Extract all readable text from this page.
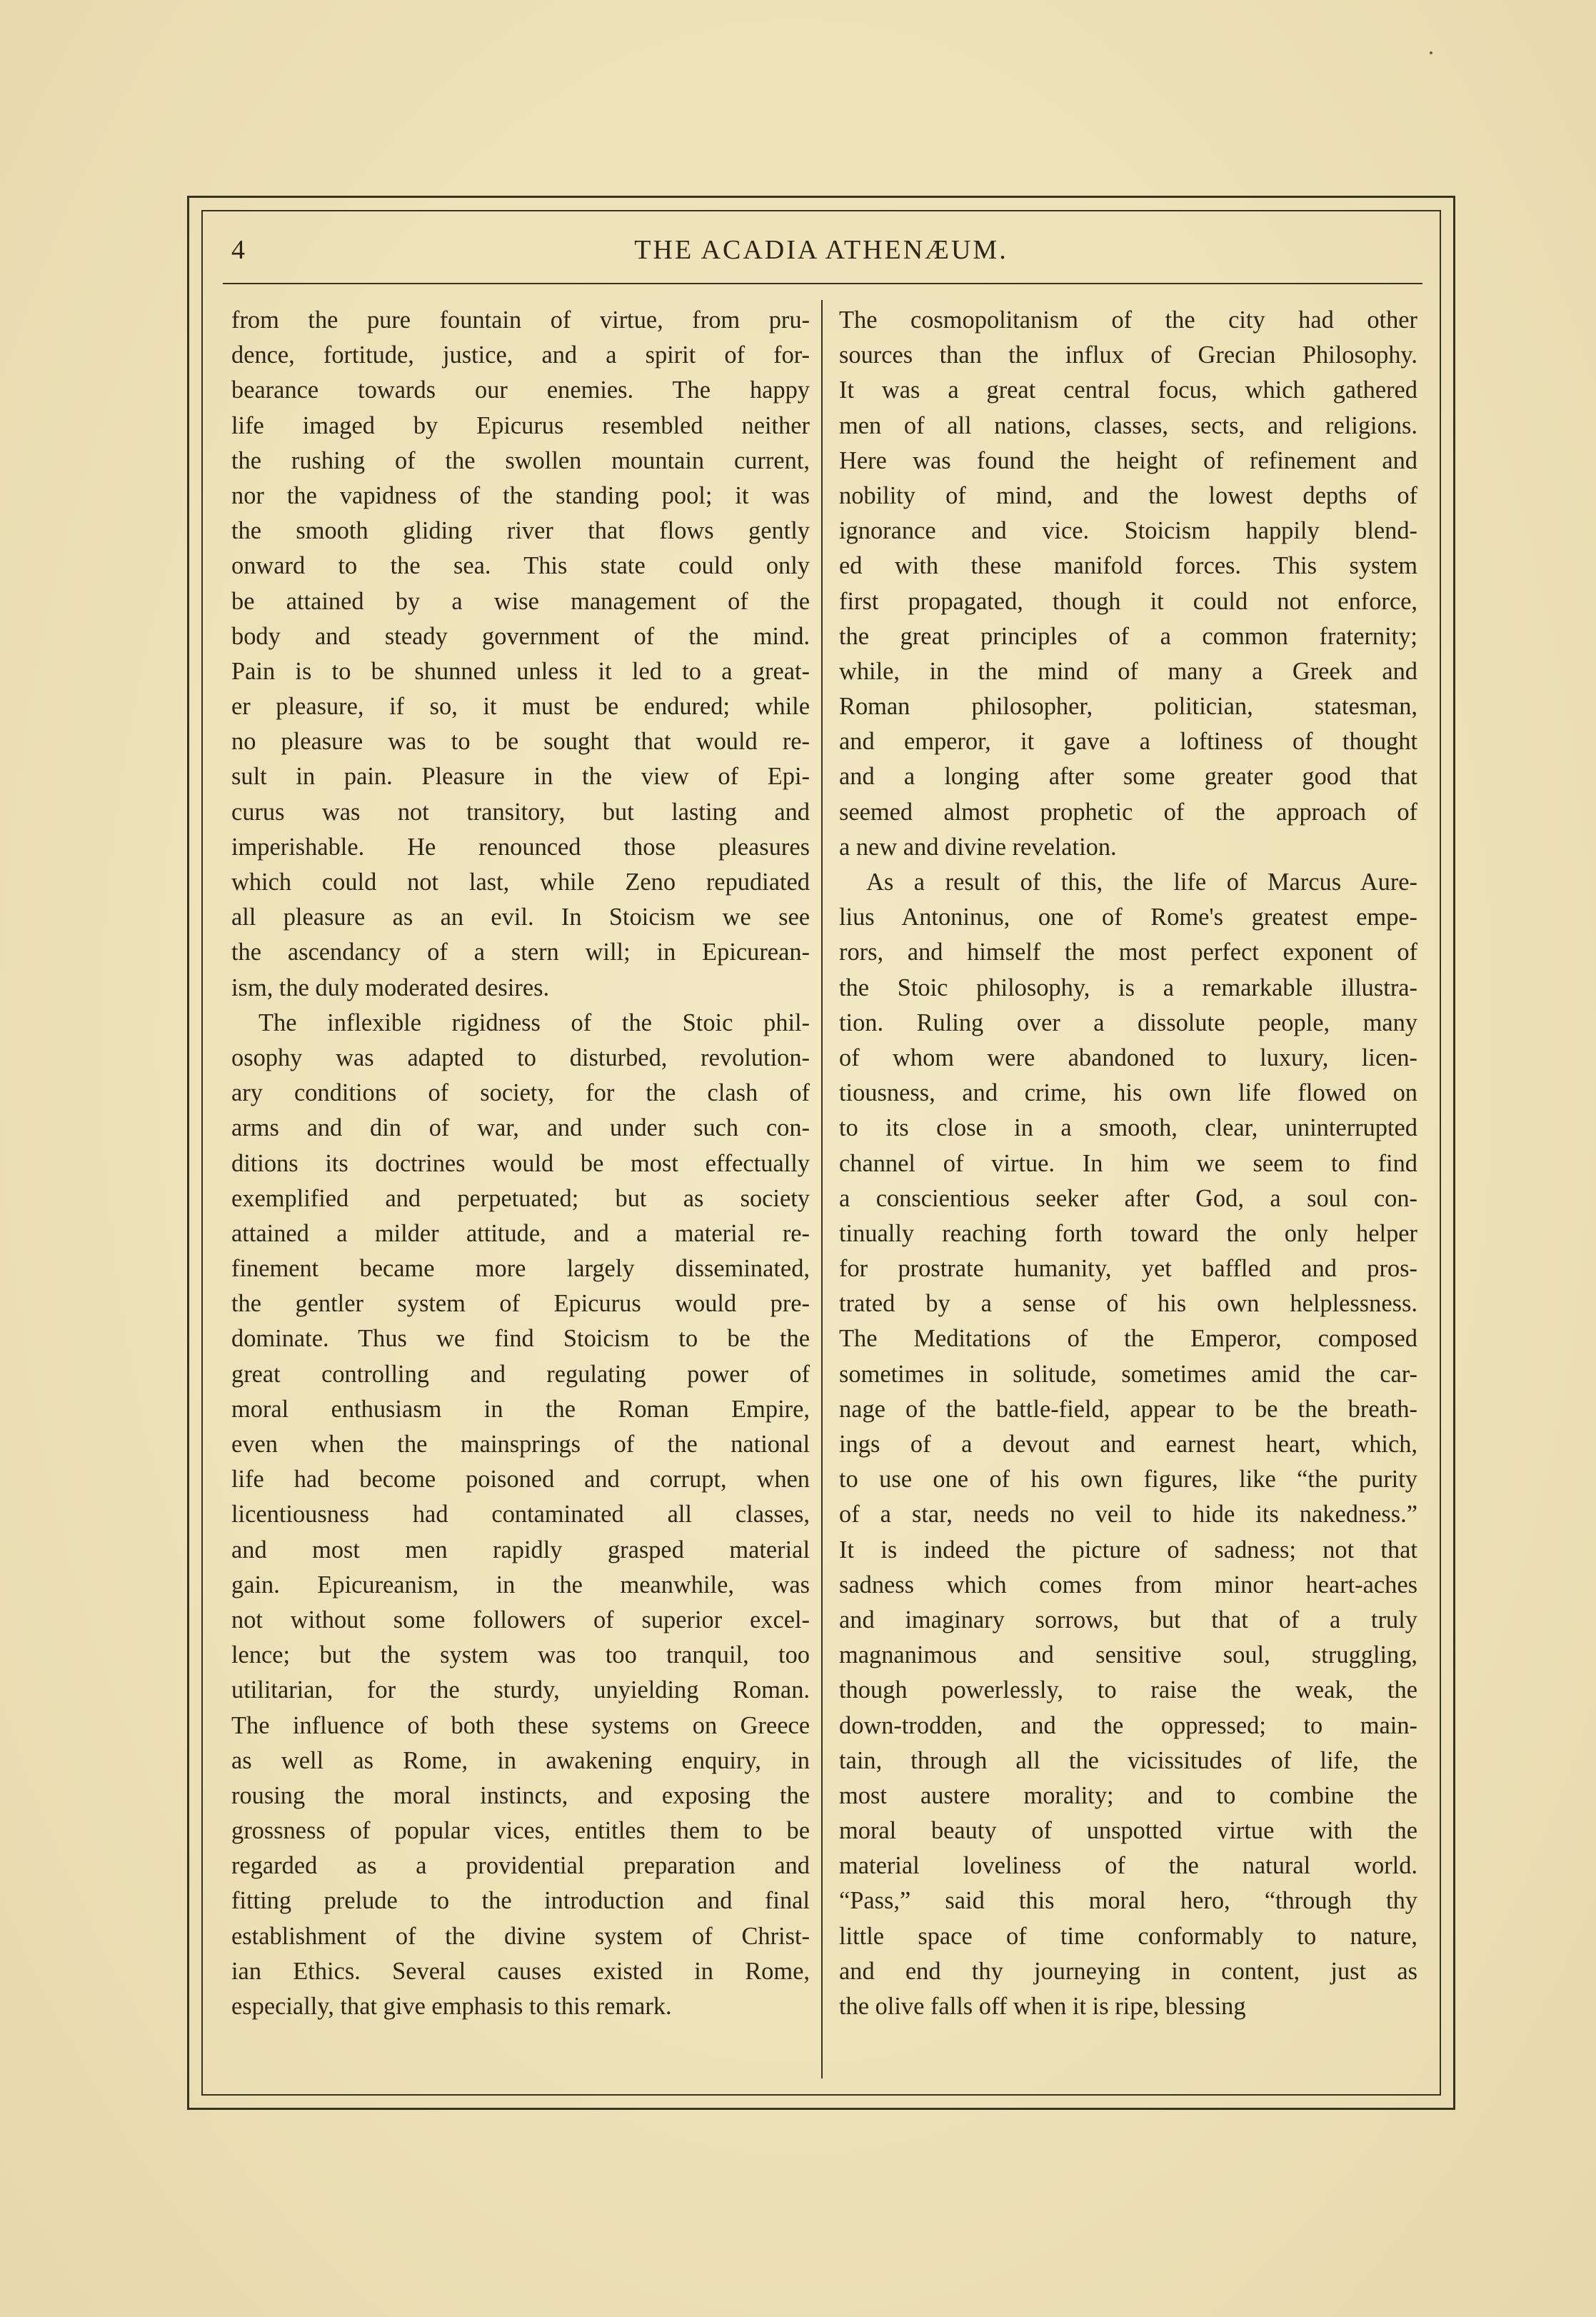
4	THE ACADIA ATHENÆUM.
from the pure fountain of virtue, from pru-
dence, fortitude, justice, and a spirit of for-
bearance towards our enemies. The happy
life imaged by Epicurus resembled neither
the rushing of the swollen mountain current,
nor the vapidness of the standing pool; it was
the smooth gliding river that flows gently
onward to the sea. This state could only
be attained by a wise management of the
body and steady government of the mind.
Pain is to be shunned unless it led to a great-
er pleasure, if so, it must be endured; while
no pleasure was to be sought that would re-
sult in pain. Pleasure in the view of Epi-
curus was not transitory, but lasting and
imperishable. He renounced those pleasures
which could not last, while Zeno repudiated
all pleasure as an evil. In Stoicism we see
the ascendancy of a stern will; in Epicurean-
ism, the duly moderated desires.
The inflexible rigidness of the Stoic phil-
osophy was adapted to disturbed, revolution-
ary conditions of society, for the clash of
arms and din of war, and under such con-
ditions its doctrines would be most effectually
exemplified and perpetuated; but as society
attained a milder attitude, and a material re-
finement became more largely disseminated,
the gentler system of Epicurus would pre-
dominate. Thus we find Stoicism to be the
great controlling and regulating power of
moral enthusiasm in the Roman Empire,
even when the mainsprings of the national
life had become poisoned and corrupt, when
licentiousness had contaminated all classes,
and most men rapidly grasped material
gain. Epicureanism, in the meanwhile, was
not without some followers of superior excel-
lence; but the system was too tranquil, too
utilitarian, for the sturdy, unyielding Roman.
The influence of both these systems on Greece
as well as Rome, in awakening enquiry, in
rousing the moral instincts, and exposing the
grossness of popular vices, entitles them to be
regarded as a providential preparation and
fitting prelude to the introduction and final
establishment of the divine system of Christ-
ian Ethics. Several causes existed in Rome,
especially, that give emphasis to this remark.
The cosmopolitanism of the city had other
sources than the influx of Grecian Philosophy.
It was a great central focus, which gathered
men of all nations, classes, sects, and religions.
Here was found the height of refinement and
nobility of mind, and the lowest depths of
ignorance and vice. Stoicism happily blend-
ed with these manifold forces. This system
first propagated, though it could not enforce,
the great principles of a common fraternity;
while, in the mind of many a Greek and
Roman philosopher, politician, statesman,
and emperor, it gave a loftiness of thought
and a longing after some greater good that
seemed almost prophetic of the approach of
a new and divine revelation.
As a result of this, the life of Marcus Aure-
lius Antoninus, one of Rome's greatest empe-
rors, and himself the most perfect exponent of
the Stoic philosophy, is a remarkable illustra-
tion. Ruling over a dissolute people, many
of whom were abandoned to luxury, licen-
tiousness, and crime, his own life flowed on
to its close in a smooth, clear, uninterrupted
channel of virtue. In him we seem to find
a conscientious seeker after God, a soul con-
tinually reaching forth toward the only helper
for prostrate humanity, yet baffled and pros-
trated by a sense of his own helplessness.
The Meditations of the Emperor, composed
sometimes in solitude, sometimes amid the car-
nage of the battle-field, appear to be the breath-
ings of a devout and earnest heart, which,
to use one of his own figures, like “the purity
of a star, needs no veil to hide its nakedness.”
It is indeed the picture of sadness; not that
sadness which comes from minor heart-aches
and imaginary sorrows, but that of a truly
magnanimous and sensitive soul, struggling,
though powerlessly, to raise the weak, the
down-trodden, and the oppressed; to main-
tain, through all the vicissitudes of life, the
most austere morality; and to combine the
moral beauty of unspotted virtue with the
material loveliness of the natural world.
“Pass,” said this moral hero, “through thy
little space of time conformably to nature,
and end thy journeying in content, just as
the olive falls off when it is ripe, blessing
